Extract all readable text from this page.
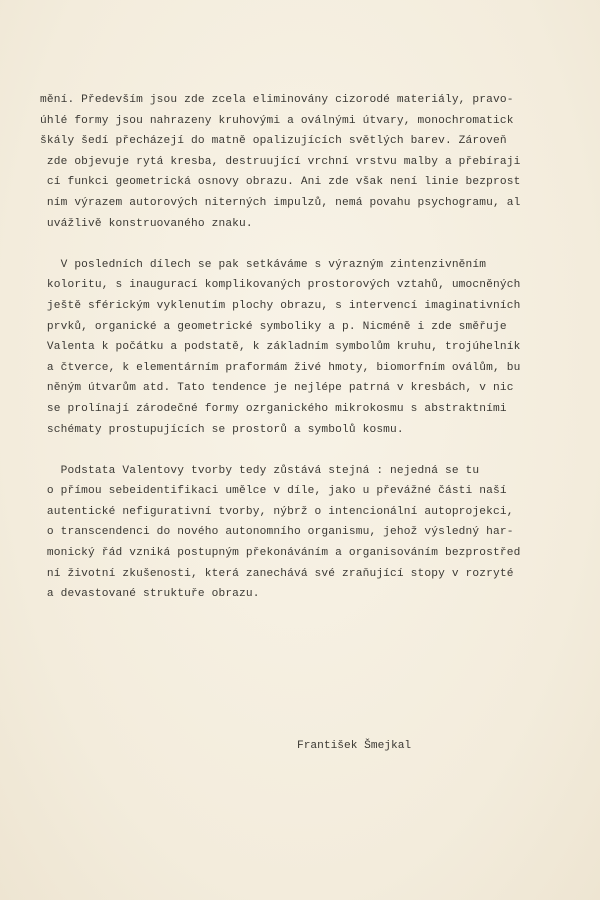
mění. Především jsou zde zcela eliminovány cizorodé materiály, pravo-
úhlé formy jsou nahrazeny kruhovými a oválnými útvary, monochromatick
škály šedí přecházejí do matně opalizujících světlých barev. Zároveň
zde objevuje rytá kresba, destruující vrchní vrstvu malby a přebíraji
cí funkci geometrická osnovy obrazu. Ani zde však není linie bezprost
ním výrazem autorových niterných impulzů, nemá povahu psychogramu, al
uvážlivě konstruovaného znaku.
V posledních dílech se pak setkáváme s výrazným zintenzivněním
koloritu, s inaugurací komplikovaných prostorových vztahů, umocněných
ještě sférickým vyklenutím plochy obrazu, s intervencí imaginativních
prvků, organické a geometrické symboliky a p. Nicméně i zde směřuje
Valenta k počátku a podstatě, k základním symbolům kruhu, trojúhelník
a čtverce, k elementárním praformám živé hmoty, biomorfním oválům, bu
něným útvarům atd. Tato tendence je nejlépe patrná v kresbách, v nic
se prolínají zárodečné formy ozrganického mikrokosmu s abstraktními
schématy prostupujících se prostorů a symbolů kosmu.
Podstata Valentovy tvorby tedy zůstává stejná : nejedná se tu
o přímou sebeidentifikaci umělce v díle, jako u převážné části naší
autentické nefigurativní tvorby, nýbrž o intencionální autoprojekci,
o transcendenci do nového autonomního organismu, jehož výsledný har-
monický řád vzniká postupným překonáváním a organisováním bezprostřed
ní životní zkušenosti, která zanechává své zraňující stopy v rozryté
a devastované struktuře obrazu.
František Šmejkal
